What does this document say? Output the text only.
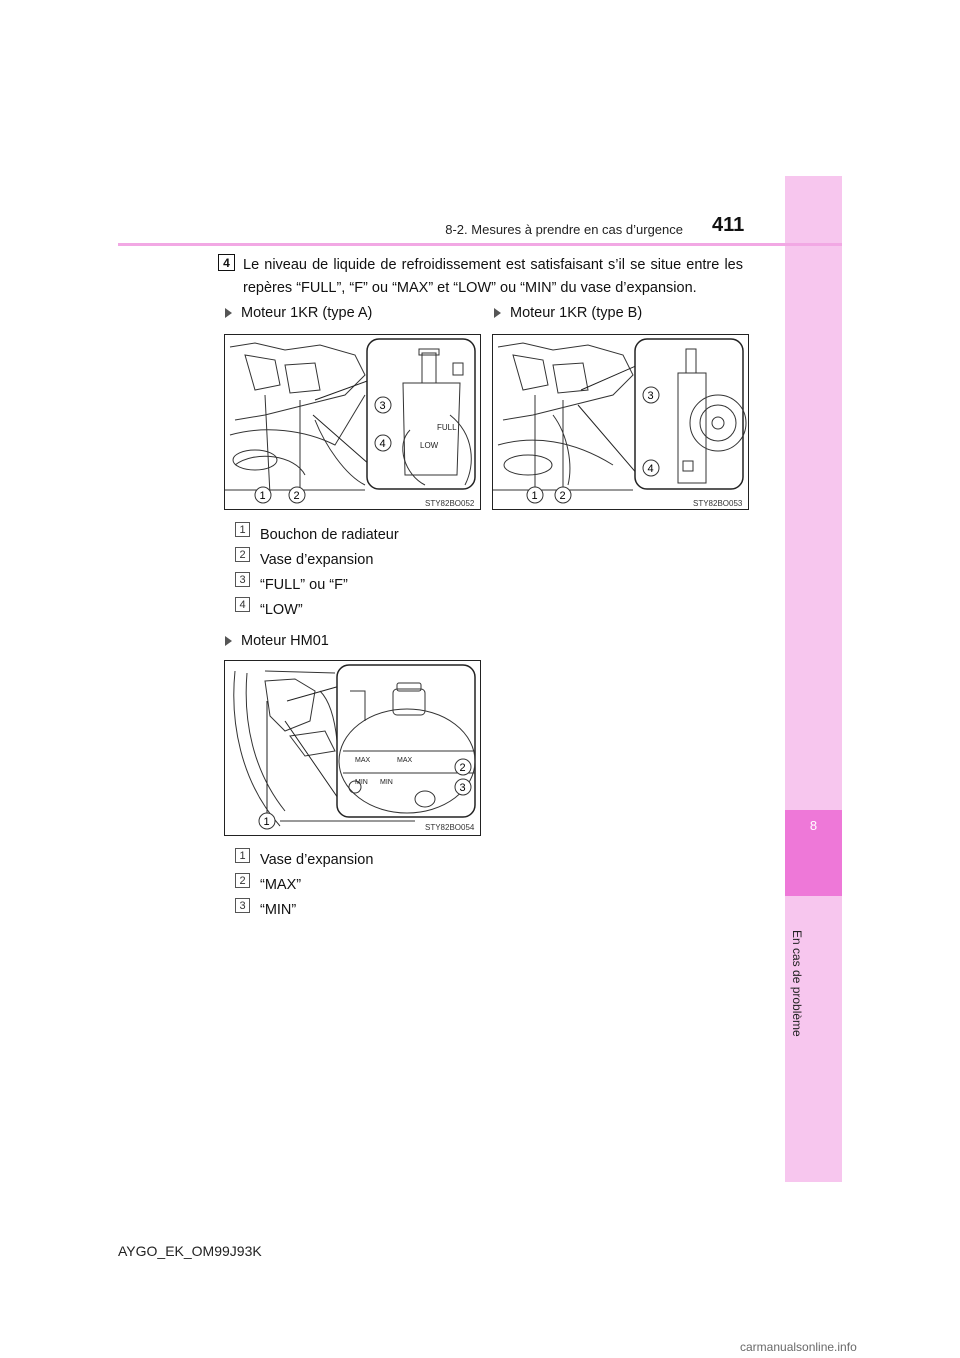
8
En cas de problème
8-2. Mesures à prendre en cas d’urgence 411
4 Le niveau de liquide de refroidissement est satisfaisant s’il se situe entre les repères “FULL”, “F” ou “MAX” et “LOW” ou “MIN” du vase d’expansion.
Moteur 1KR (type A)	Moteur 1KR (type B)
FULL
LOW
3
4
1	2
STY82BO052
3
4
1 2
STY82BO053
1 Bouchon de radiateur
2 Vase d’expansion
3 “FULL” ou “F”
4 “LOW”
Moteur HM01
MAX	MAX
MIN MIN
2
3
1	STY82BO054
1 Vase d’expansion
2 “MAX”
3 “MIN”
AYGO_EK_OM99J93K
carmanualsonline.info
